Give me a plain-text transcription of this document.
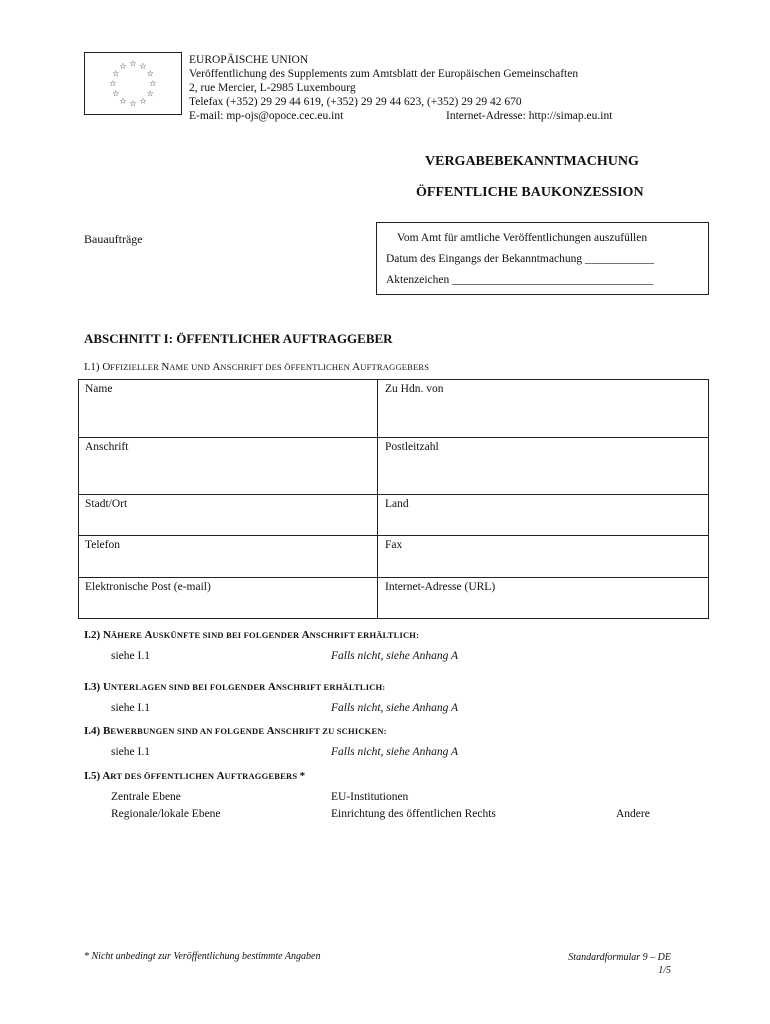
☆ ☆
☆
☆
☆
☆
☆
☆
☆
☆
☆
☆
EUROPÄISCHE UNION
Veröffentlichung des Supplements zum Amtsblatt der Europäischen Gemeinschaften
2, rue Mercier, L-2985 Luxembourg
Telefax (+352) 29 29 44 619, (+352) 29 29 44 623, (+352) 29 29 42 670
E-mail: mp-ojs@opoce.cec.eu.int	Internet-Adresse: http://simap.eu.int
VERGABEBEKANNTMACHUNG
ÖFFENTLICHE BAUKONZESSION
Bauaufträge	Vom Amt für amtliche Veröffentlichungen auszufüllen
Datum des Eingangs der Bekanntmachung ____________
Aktenzeichen ___________________________________
ABSCHNITT I: ÖFFENTLICHER AUFTRAGGEBER
I.1) OFFIZIELLER NAME UND ANSCHRIFT DES ÖFFENTLICHEN AUFTRAGGEBERS
Name	Zu Hdn. von
Anschrift	Postleitzahl
Stadt/Ort	Land
Telefon	Fax
Elektronische Post (e-mail)	Internet-Adresse (URL)
I.2) NÄHERE AUSKÜNFTE SIND BEI FOLGENDER ANSCHRIFT ERHÄLTLICH:
siehe I.1	Falls nicht, siehe Anhang A
I.3) UNTERLAGEN SIND BEI FOLGENDER ANSCHRIFT ERHÄLTLICH:
siehe I.1	Falls nicht, siehe Anhang A
I.4) BEWERBUNGEN SIND AN FOLGENDE ANSCHRIFT ZU SCHICKEN:
siehe I.1	Falls nicht, siehe Anhang A
I.5) ART DES ÖFFENTLICHEN AUFTRAGGEBERS *
Zentrale Ebene	EU-Institutionen
Regionale/lokale Ebene	Einrichtung des öffentlichen Rechts	Andere
* Nicht unbedingt zur Veröffentlichung bestimmte Angaben	Standardformular 9 – DE
1/5
